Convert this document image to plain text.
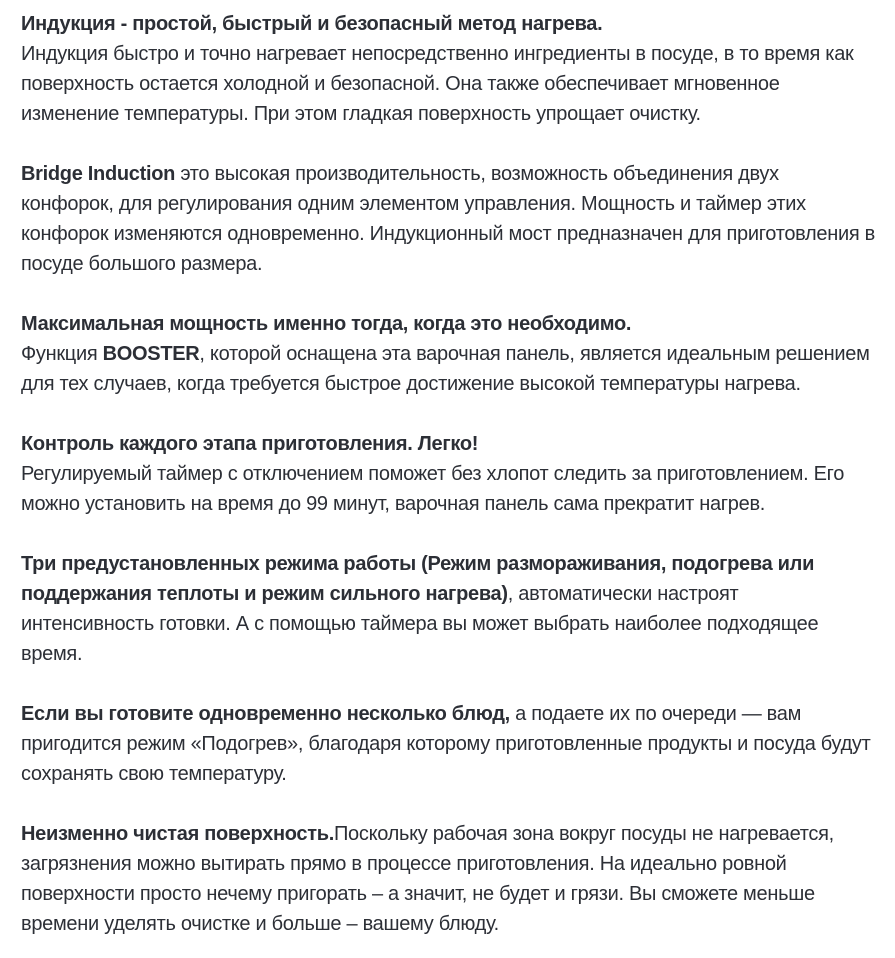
Индукция - простой, быстрый и безопасный метод нагрева.
Индукция быстро и точно нагревает непосредственно ингредиенты в посуде, в то время как поверхность остается холодной и безопасной. Она также обеспечивает мгновенное изменение температуры. При этом гладкая поверхность упрощает очистку.

Bridge Induction это высокая производительность, возможность объединения двух конфорок, для регулирования одним элементом управления. Мощность и таймер этих конфорок изменяются одновременно. Индукционный мост предназначен для приготовления в посуде большого размера.

Максимальная мощность именно тогда, когда это необходимо.
Функция BOOSTER, которой оснащена эта варочная панель, является идеальным решением для тех случаев, когда требуется быстрое достижение высокой температуры нагрева.

Контроль каждого этапа приготовления. Легко!
Регулируемый таймер с отключением поможет без хлопот следить за приготовлением. Его можно установить на время до 99 минут, варочная панель сама прекратит нагрев.

Три предустановленных режима работы (Режим размораживания, подогрева или поддержания теплоты и режим сильного нагрева), автоматически настроят интенсивность готовки. А с помощью таймера вы может выбрать наиболее подходящее время.

Если вы готовите одновременно несколько блюд, а подаете их по очереди — вам пригодится режим «Подогрев», благодаря которому приготовленные продукты и посуда будут сохранять свою температуру.

Неизменно чистая поверхность.Поскольку рабочая зона вокруг посуды не нагревается, загрязнения можно вытирать прямо в процессе приготовления. На идеально ровной поверхности просто нечему пригорать – а значит, не будет и грязи. Вы сможете меньше времени уделять очистке и больше – вашему блюду.
